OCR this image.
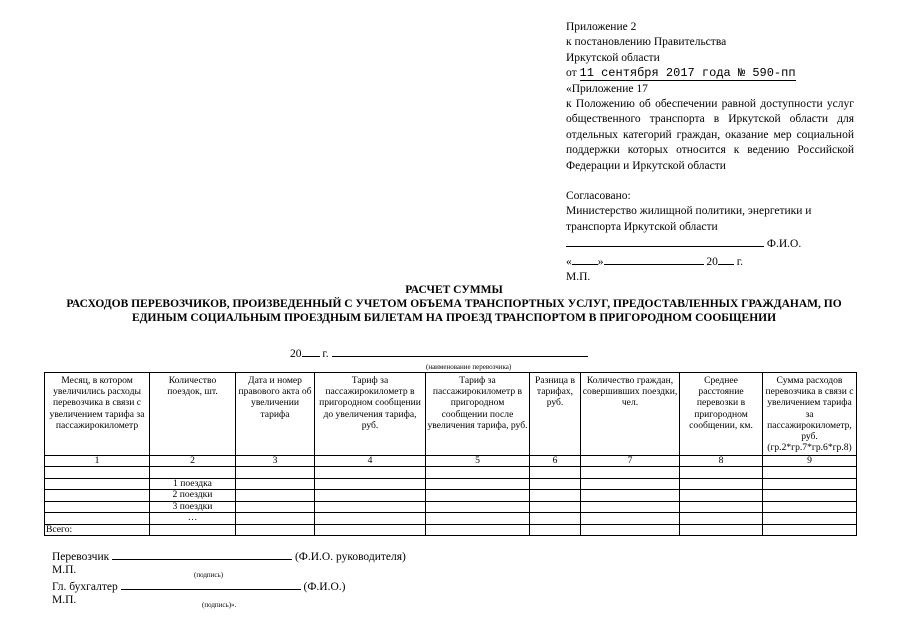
Приложение 2
к постановлению Правительства
Иркутской области
от 11 сентября 2017 года № 590-пп
«Приложение 17
к Положению об обеспечении равной доступности услуг общественного транспорта в Иркутской области для отдельных категорий граждан, оказание мер социальной поддержки которых относится к ведению Российской Федерации и Иркутской области
Согласовано:
Министерство жилищной политики, энергетики и транспорта Иркутской области
Ф.И.О.
« »	20 г.
М.П.
РАСЧЕТ СУММЫ
РАСХОДОВ ПЕРЕВОЗЧИКОВ, ПРОИЗВЕДЕННЫЙ С УЧЕТОМ ОБЪЕМА ТРАНСПОРТНЫХ УСЛУГ, ПРЕДОСТАВЛЕННЫХ ГРАЖДАНАМ, ПО ЕДИНЫМ СОЦИАЛЬНЫМ ПРОЕЗДНЫМ БИЛЕТАМ НА ПРОЕЗД ТРАНСПОРТОМ В ПРИГОРОДНОМ СООБЩЕНИИ
20 г.
(наименование перевозчика)
Месяц, в котором увеличились расходы перевозчика в связи с увеличением тарифа за пассажирокилометр	Количество поездок, шт.	Дата и номер правового акта об увеличении тарифа	Тариф за пассажирокилометр в пригородном сообщении до увеличения тарифа, руб.	Тариф за пассажирокилометр в пригородном сообщении после увеличения тарифа, руб.	Разница в тарифах, руб.	Количество граждан, совершивших поездки, чел.	Среднее расстояние перевозки в пригородном сообщении, км.	Сумма расходов перевозчика в связи с увеличением тарифа за пассажирокилометр, руб. (гр.2*гр.7*гр.6*гр.8)
1	2	3	4	5	6	7	8	9

	1 поездка							
	2 поездки							
	3 поездки							
	…							
Всего:								
Перевозчик	(Ф.И.О. руководителя)
М.П.	(подпись)
Гл. бухгалтер	(Ф.И.О.)
М.П.	(подпись)».
